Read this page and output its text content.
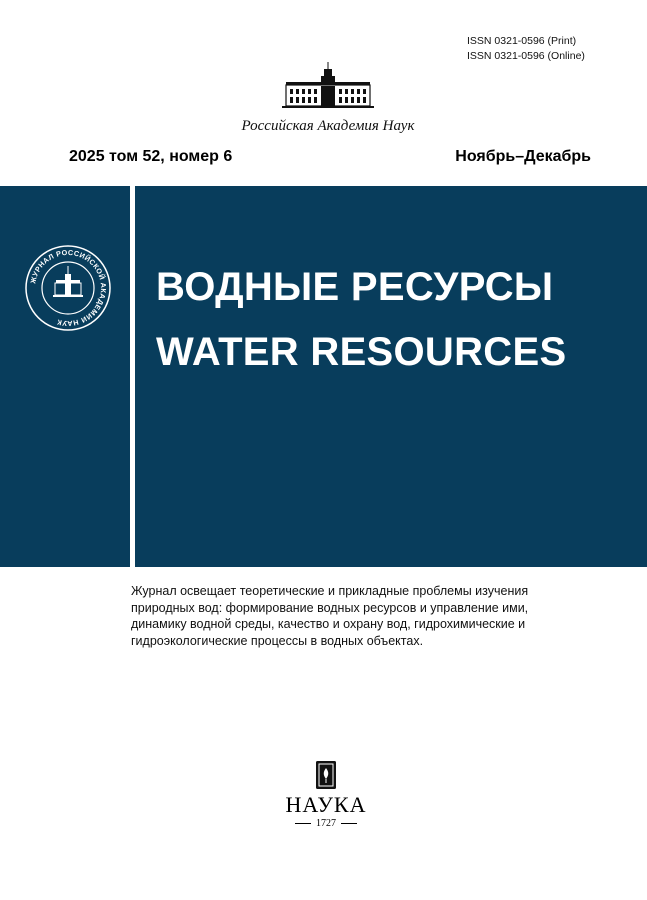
ISSN 0321-0596 (Print)
ISSN 0321-0596 (Online)
Российская Академия Наук
2025 том 52, номер 6	Ноябрь–Декабрь
ЖУРНАЛ РОССИЙСКОЙ АКАДЕМИИ НАУК
ВОДНЫЕ РЕСУРСЫ
WATER RESOURCES
Журнал освещает теоретические и прикладные проблемы изучения природных вод: формирование водных ресурсов и управление ими, динамику водной среды, качество и охрану вод, гидрохимические и гидроэкологические процессы в водных объектах.
НАУКА
1727
